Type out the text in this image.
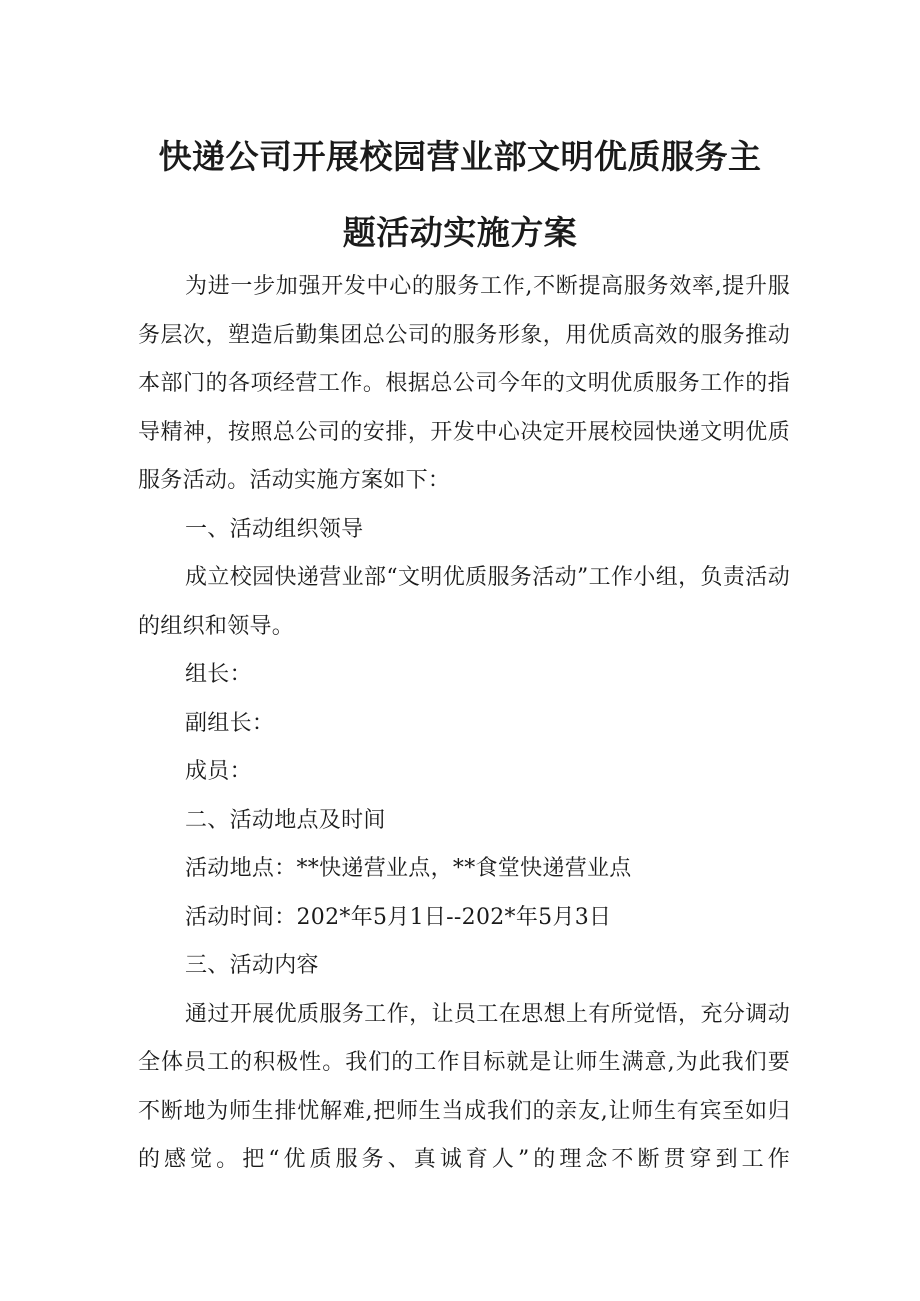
快递公司开展校园营业部文明优质服务主
题活动实施方案

为进一步加强开发中心的服务工作,不断提高服务效率,提升服务层次，塑造后勤集团总公司的服务形象，用优质高效的服务推动本部门的各项经营工作。根据总公司今年的文明优质服务工作的指导精神，按照总公司的安排，开发中心决定开展校园快递文明优质服务活动。活动实施方案如下：

一、活动组织领导

成立校园快递营业部“文明优质服务活动”工作小组，负责活动的组织和领导。

组长：

副组长：

成员：

二、活动地点及时间

活动地点：**快递营业点，**食堂快递营业点

活动时间：202*年5月1日--202*年5月3日

三、活动内容

通过开展优质服务工作，让员工在思想上有所觉悟，充分调动全体员工的积极性。我们的工作目标就是让师生满意,为此我们要不断地为师生排忧解难,把师生当成我们的亲友,让师生有宾至如归的感觉。把“优质服务、真诚育人”的理念不断贯穿到工作
